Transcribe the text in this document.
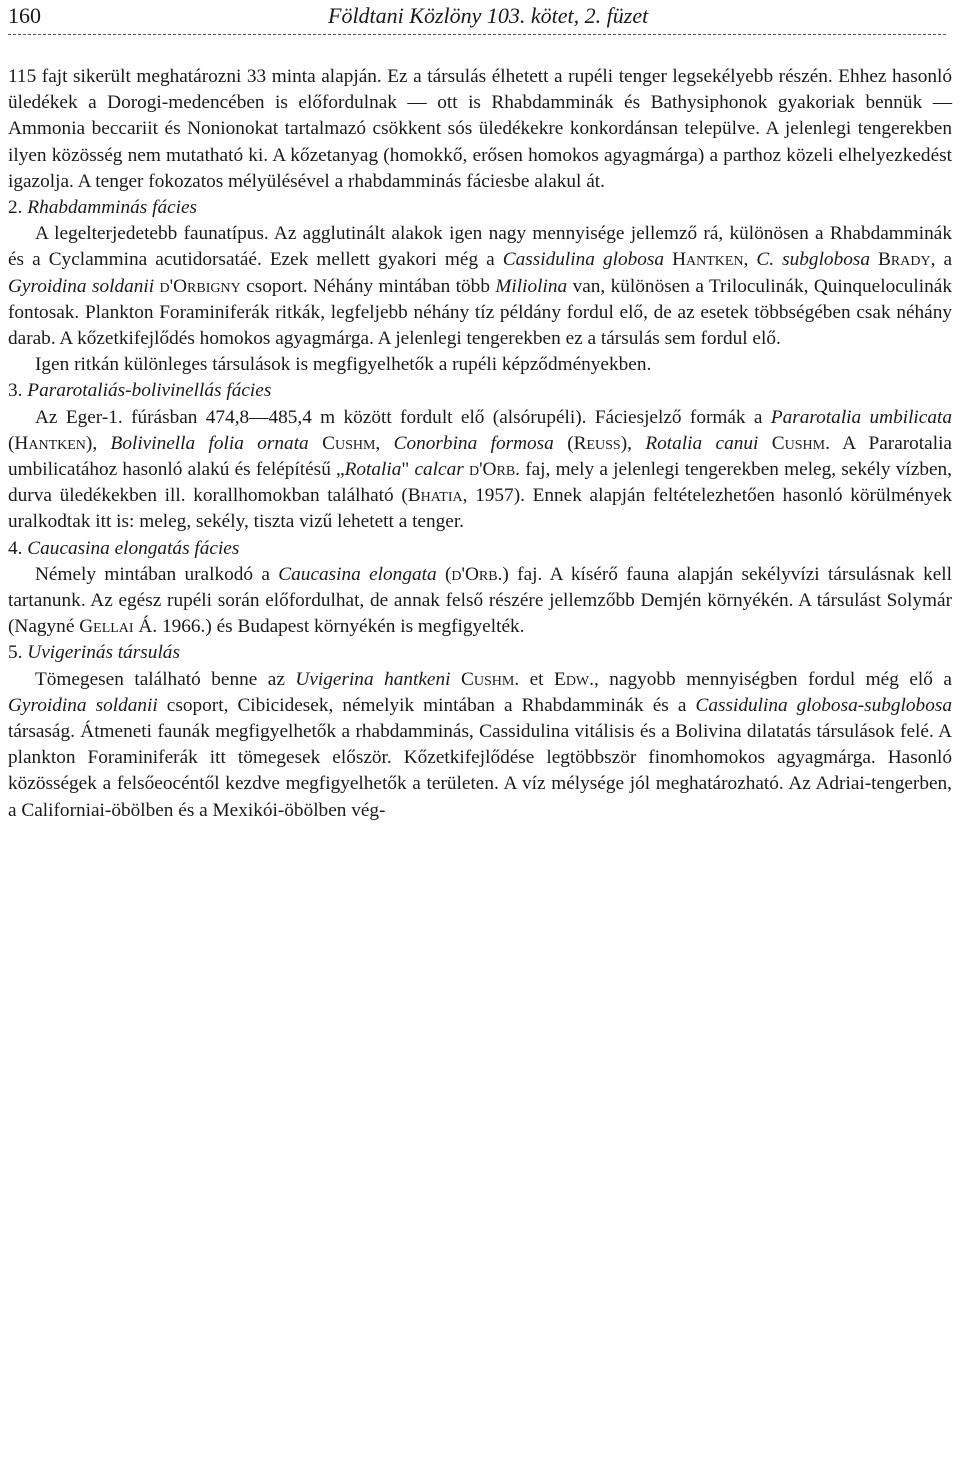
160	Földtani Közlöny 103. kötet, 2. füzet

115 fajt sikerült meghatározni 33 minta alapján. Ez a társulás élhetett a rupéli tenger legsekélyebb részén. Ehhez hasonló üledékek a Dorogi-medencében is előfordulnak — ott is Rhabdamminák és Bathysiphonok gyakoriak bennük — Ammonia beccariit és Nonionokat tartalmazó csökkent sós üledékekre konkordánsan települve. A jelenlegi tengerekben ilyen közösség nem mutatható ki. A kőzetanyag (homokkő, erősen homokos agyagmárga) a parthoz közeli elhelyezkedést igazolja. A tenger fokozatos mélyülésével a rhabdamminás fáciesbe alakul át.

2. Rhabdamminás fácies

A legelterjedetebb faunatípus. Az agglutinált alakok igen nagy mennyisége jellemző rá, különösen a Rhabdamminák és a Cyclammina acutidorsatáé. Ezek mellett gyakori még a Cassidulina globosa Hantken, C. subglobosa Brady, a Gyroidina soldanii d'Orbigny csoport. Néhány mintában több Miliolina van, különösen a Triloculinák, Quinqueloculinák fontosak. Plankton Foraminiferák ritkák, legfeljebb néhány tíz példány fordul elő, de az esetek többségében csak néhány darab. A kőzetkifejlődés homokos agyagmárga. A jelenlegi tengerekben ez a társulás sem fordul elő.

Igen ritkán különleges társulások is megfigyelhetők a rupéli képződményekben.

3. Pararotaliás-bolivinellás fácies

Az Eger-1. fúrásban 474,8—485,4 m között fordult elő (alsórupéli). Fáciesjelző formák a Pararotalia umbilicata (Hantken), Bolivinella folia ornata Cushm, Conorbina formosa (Reuss), Rotalia canui Cushm. A Pararotalia umbilicatához hasonló alakú és felépítésű „Rotalia" calcar d'Orb. faj, mely a jelenlegi tengerekben meleg, sekély vízben, durva üledékekben ill. korallhomokban található (Bhatia, 1957). Ennek alapján feltételezhetően hasonló körülmények uralkodtak itt is: meleg, sekély, tiszta vizű lehetett a tenger.

4. Caucasina elongatás fácies

Némely mintában uralkodó a Caucasina elongata (d'Orb.) faj. A kísérő fauna alapján sekélyvízi társulásnak kell tartanunk. Az egész rupéli során előfordulhat, de annak felső részére jellemzőbb Demjén környékén. A társulást Solymár (Nagyné Gellai Á. 1966.) és Budapest környékén is megfigyelték.

5. Uvigerinás társulás

Tömegesen található benne az Uvigerina hantkeni Cushm. et Edw., nagyobb mennyiségben fordul még elő a Gyroidina soldanii csoport, Cibicidesek, némelyik mintában a Rhabdamminák és a Cassidulina globosa-subglobosa társaság. Átmeneti faunák megfigyelhetők a rhabdamminás, Cassidulina vitálisis és a Bolivina dilatatás társulások felé. A plankton Foraminiferák itt tömegesek először. Kőzetkifejlődése legtöbbször finomhomokos agyagmárga. Hasonló közösségek a felsőeocéntől kezdve megfigyelhetők a területen. A víz mélysége jól meghatározható. Az Adriai-tengerben, a Californiai-öbölben és a Mexikói-öbölben vég-
